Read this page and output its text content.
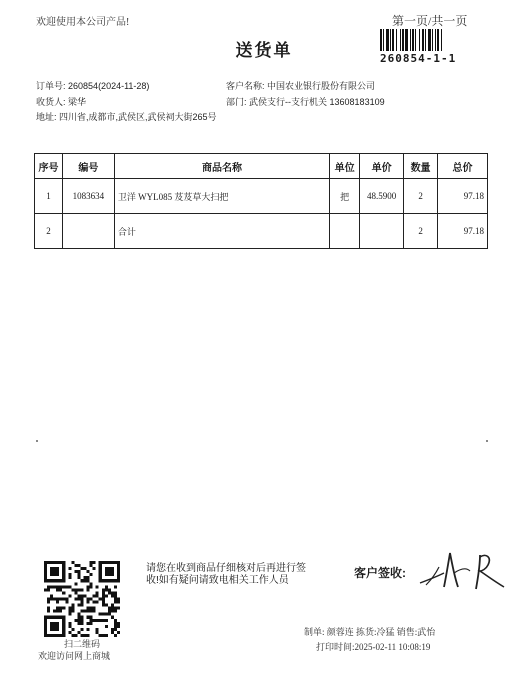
欢迎使用本公司产品!	第一页/共一页
送货单	260854-1-1
订单号: 260854(2024-11-28)
收货人: 梁华
地址: 四川省,成都市,武侯区,武侯祠大街265号
客户名称: 中国农业银行股份有限公司
部门: 武侯支行--支行机关 13608183109
序号	编号	商品名称	单位	单价	数量	总价
1	1083634	卫洋 WYL085 芨芨草大扫把	把	48.5900	2	97.18
2		合计			2	97.18
扫二维码
欢迎访问网上商城
请您在收到商品仔细核对后再进行签
收!如有疑问请致电相关工作人员
客户签收:
制单: 颜蓉连 拣货:冷猛 销售:武怡
打印时间:2025-02-11 10:08:19
